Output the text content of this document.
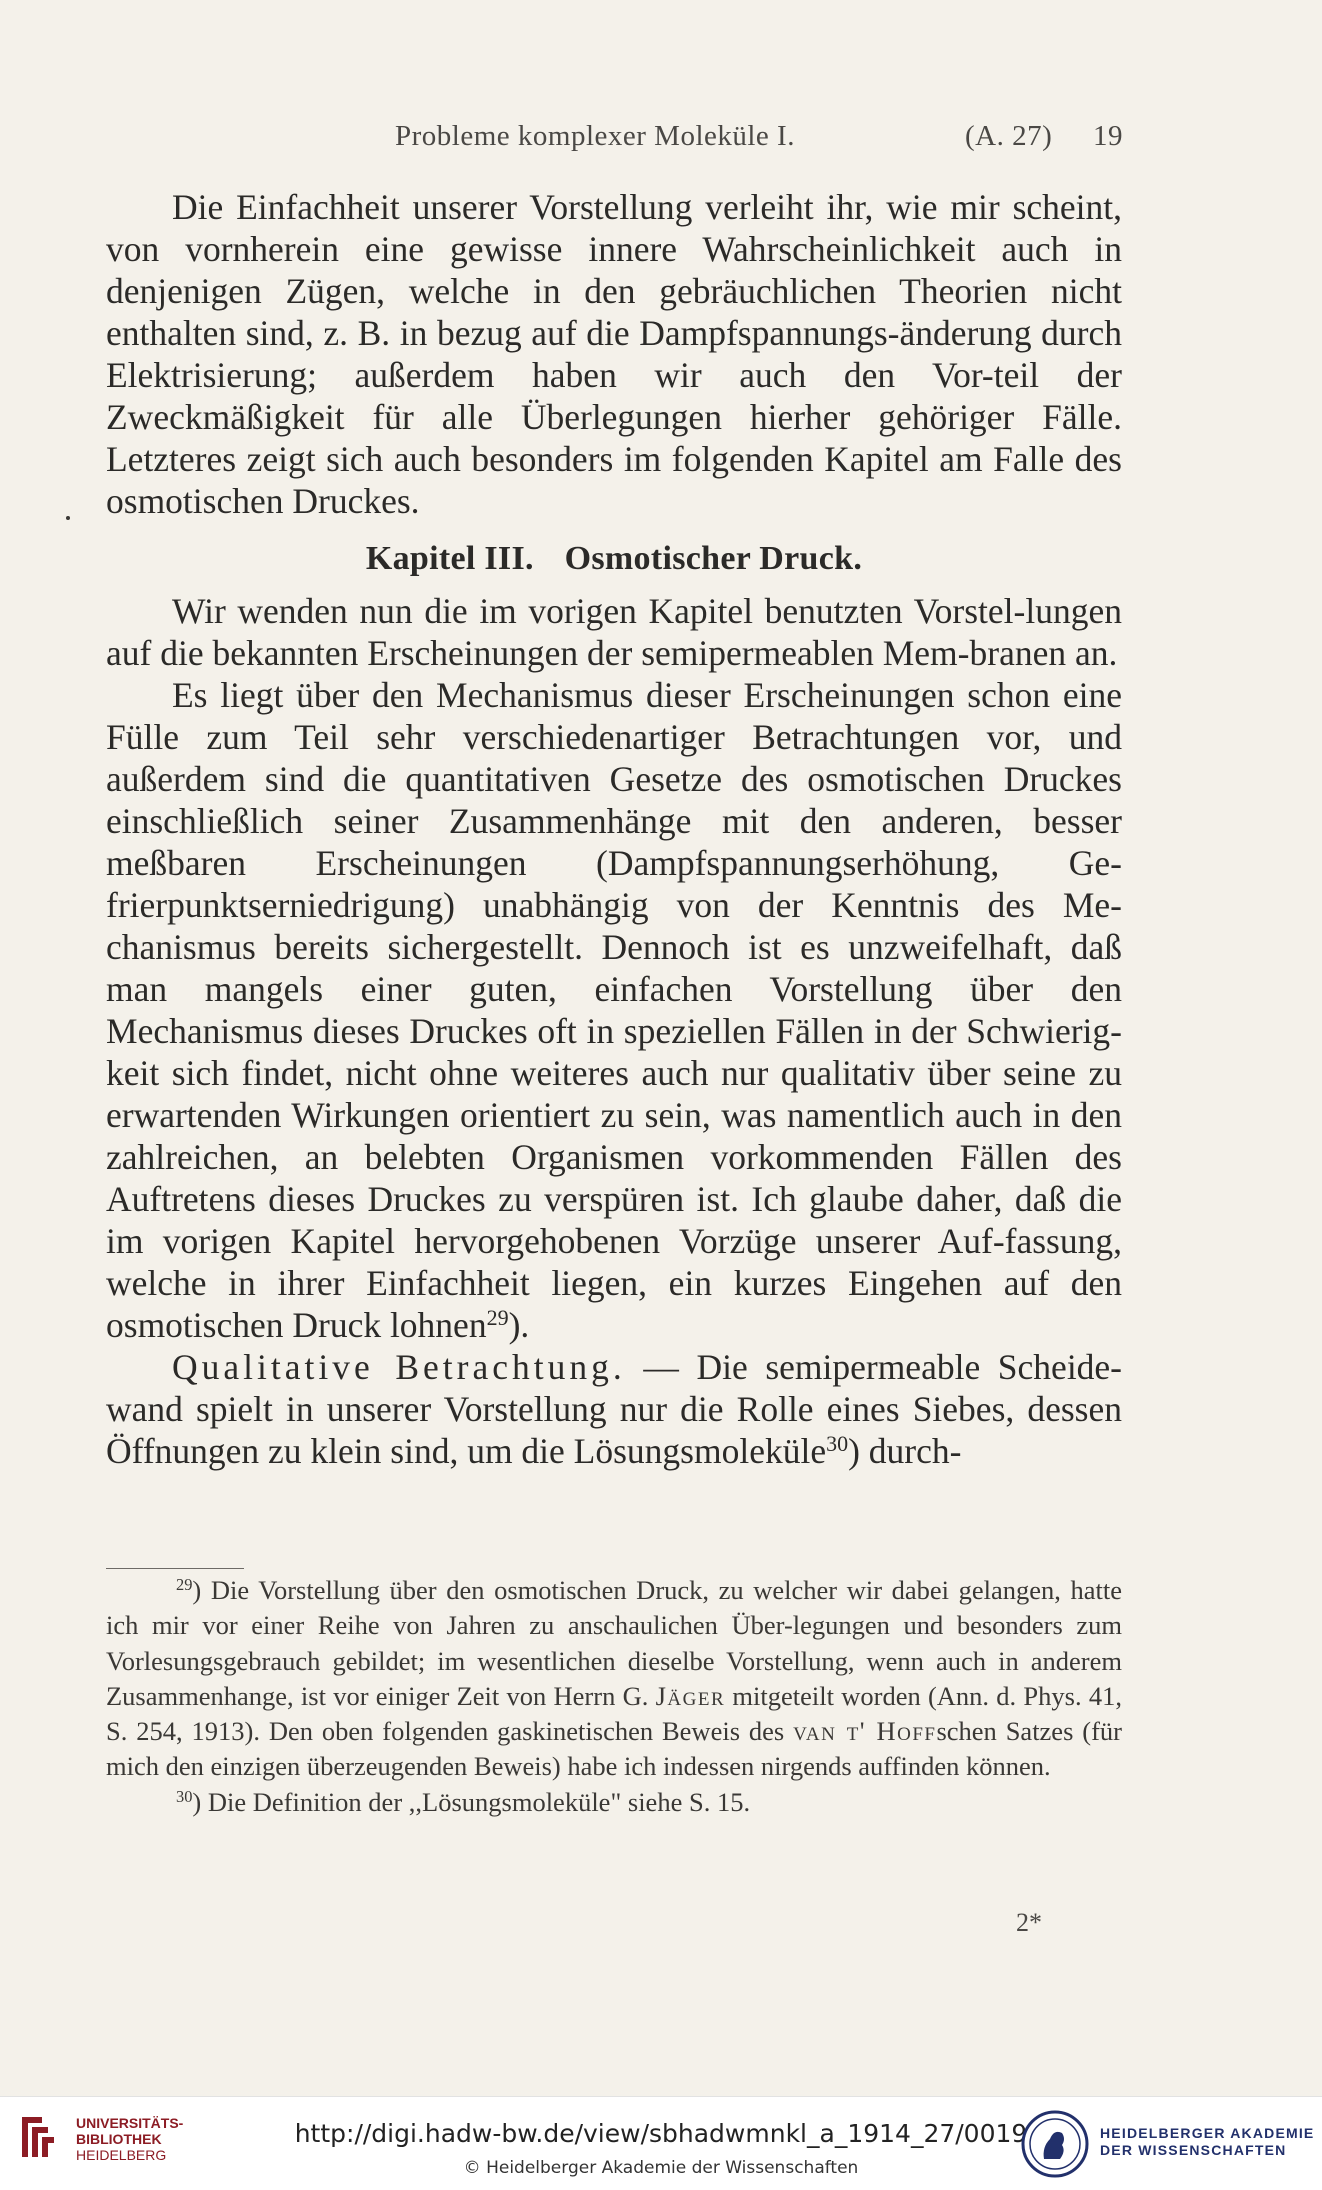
Probleme komplexer Moleküle I.	(A. 27) 19

Die Einfachheit unserer Vorstellung verleiht ihr, wie mir scheint, von vornherein eine gewisse innere Wahrscheinlichkeit auch in denjenigen Zügen, welche in den gebräuchlichen Theorien nicht enthalten sind, z. B. in bezug auf die Dampfspannungs-änderung durch Elektrisierung; außerdem haben wir auch den Vor-teil der Zweckmäßigkeit für alle Überlegungen hierher gehöriger Fälle. Letzteres zeigt sich auch besonders im folgenden Kapitel am Falle des osmotischen Druckes.

Kapitel III. Osmotischer Druck.

Wir wenden nun die im vorigen Kapitel benutzten Vorstel-lungen auf die bekannten Erscheinungen der semipermeablen Mem-branen an.

Es liegt über den Mechanismus dieser Erscheinungen schon eine Fülle zum Teil sehr verschiedenartiger Betrachtungen vor, und außerdem sind die quantitativen Gesetze des osmotischen Druckes einschließlich seiner Zusammenhänge mit den anderen, besser meßbaren Erscheinungen (Dampfspannungserhöhung, Ge-frierpunktserniedrigung) unabhängig von der Kenntnis des Me-chanismus bereits sichergestellt. Dennoch ist es unzweifelhaft, daß man mangels einer guten, einfachen Vorstellung über den Mechanismus dieses Druckes oft in speziellen Fällen in der Schwierig-keit sich findet, nicht ohne weiteres auch nur qualitativ über seine zu erwartenden Wirkungen orientiert zu sein, was namentlich auch in den zahlreichen, an belebten Organismen vorkommenden Fällen des Auftretens dieses Druckes zu verspüren ist. Ich glaube daher, daß die im vorigen Kapitel hervorgehobenen Vorzüge unserer Auf-fassung, welche in ihrer Einfachheit liegen, ein kurzes Eingehen auf den osmotischen Druck lohnen$^{29}$).

Qualitative Betrachtung. — Die semipermeable Scheide-wand spielt in unserer Vorstellung nur die Rolle eines Siebes, dessen Öffnungen zu klein sind, um die Lösungsmoleküle$^{30}$) durch-

$^{29}$) Die Vorstellung über den osmotischen Druck, zu welcher wir dabei gelangen, hatte ich mir vor einer Reihe von Jahren zu anschaulichen Über-legungen und besonders zum Vorlesungsgebrauch gebildet; im wesentlichen dieselbe Vorstellung, wenn auch in anderem Zusammenhange, ist vor einiger Zeit von Herrn G. Jäger mitgeteilt worden (Ann. d. Phys. 41, S. 254, 1913). Den oben folgenden gaskinetischen Beweis des van t' Hoffschen Satzes (für mich den einzigen überzeugenden Beweis) habe ich indessen nirgends auffinden können.

$^{30}$) Die Definition der ,,Lösungsmoleküle" siehe S. 15.

2*
UNIVERSITÄTS-
BIBLIOTHEK
HEIDELBERG
http://digi.hadw-bw.de/view/sbhadwmnkl_a_1914_27/0019
© Heidelberger Akademie der Wissenschaften
HEIDELBERGER AKADEMIE
DER WISSENSCHAFTEN
